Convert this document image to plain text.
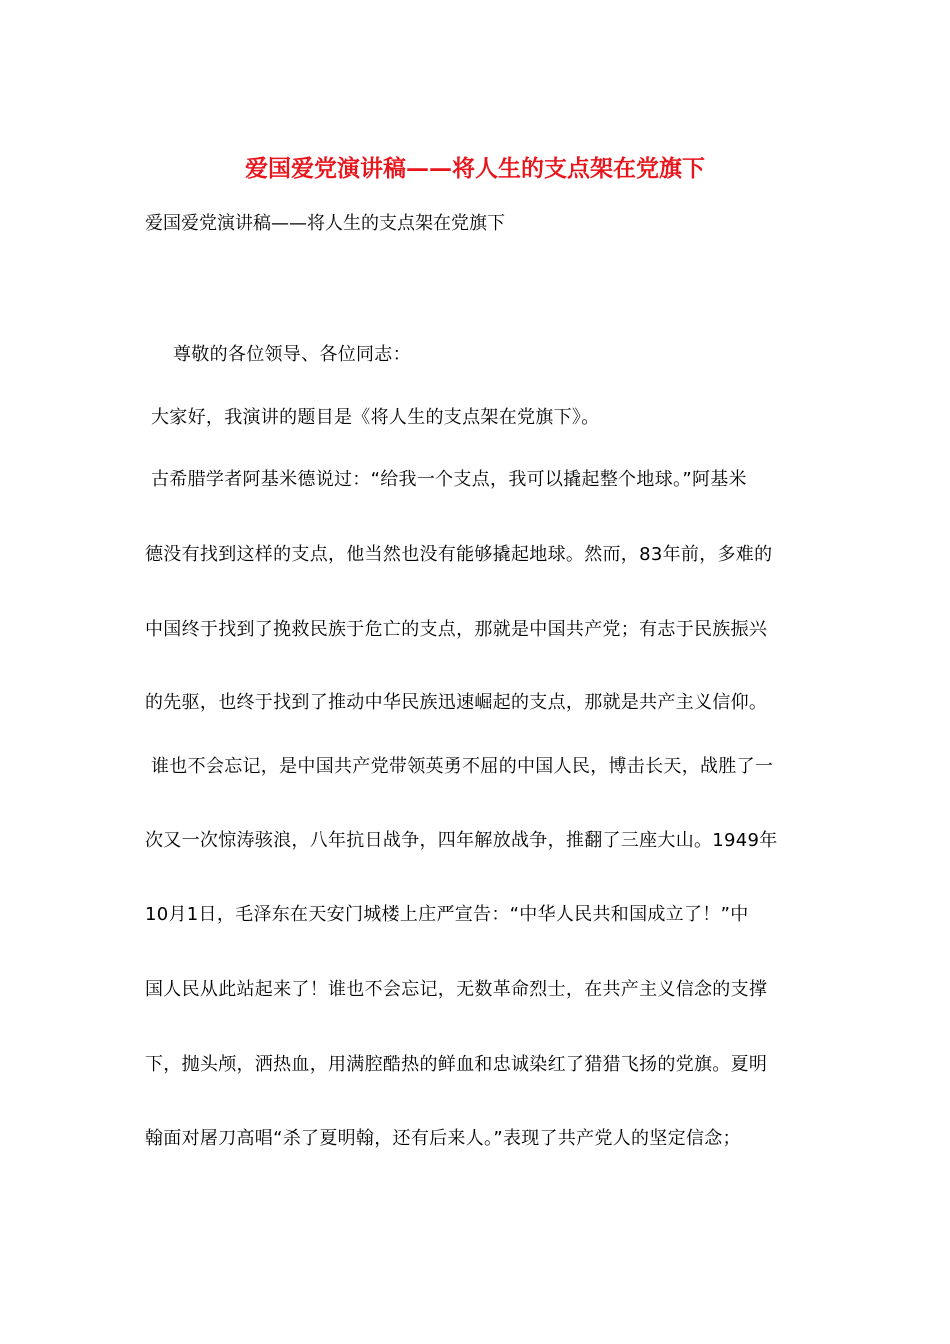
爱国爱党演讲稿——将人生的支点架在党旗下
爱国爱党演讲稿——将人生的支点架在党旗下
尊敬的各位领导、各位同志：
大家好，我演讲的题目是《将人生的支点架在党旗下》。
古希腊学者阿基米德说过：“给我一个支点，我可以撬起整个地球。”阿基米
德没有找到这样的支点，他当然也没有能够撬起地球。然而，83年前，多难的
中国终于找到了挽救民族于危亡的支点，那就是中国共产党；有志于民族振兴
的先驱，也终于找到了推动中华民族迅速崛起的支点，那就是共产主义信仰。
谁也不会忘记，是中国共产党带领英勇不屈的中国人民，博击长天，战胜了一
次又一次惊涛骇浪，八年抗日战争，四年解放战争，推翻了三座大山。1949年
10月1日，毛泽东在天安门城楼上庄严宣告：“中华人民共和国成立了！”中
国人民从此站起来了！谁也不会忘记，无数革命烈士，在共产主义信念的支撑
下，抛头颅，洒热血，用满腔酷热的鲜血和忠诚染红了猎猎飞扬的党旗。夏明
翰面对屠刀高唱“杀了夏明翰，还有后来人。”表现了共产党人的坚定信念；
